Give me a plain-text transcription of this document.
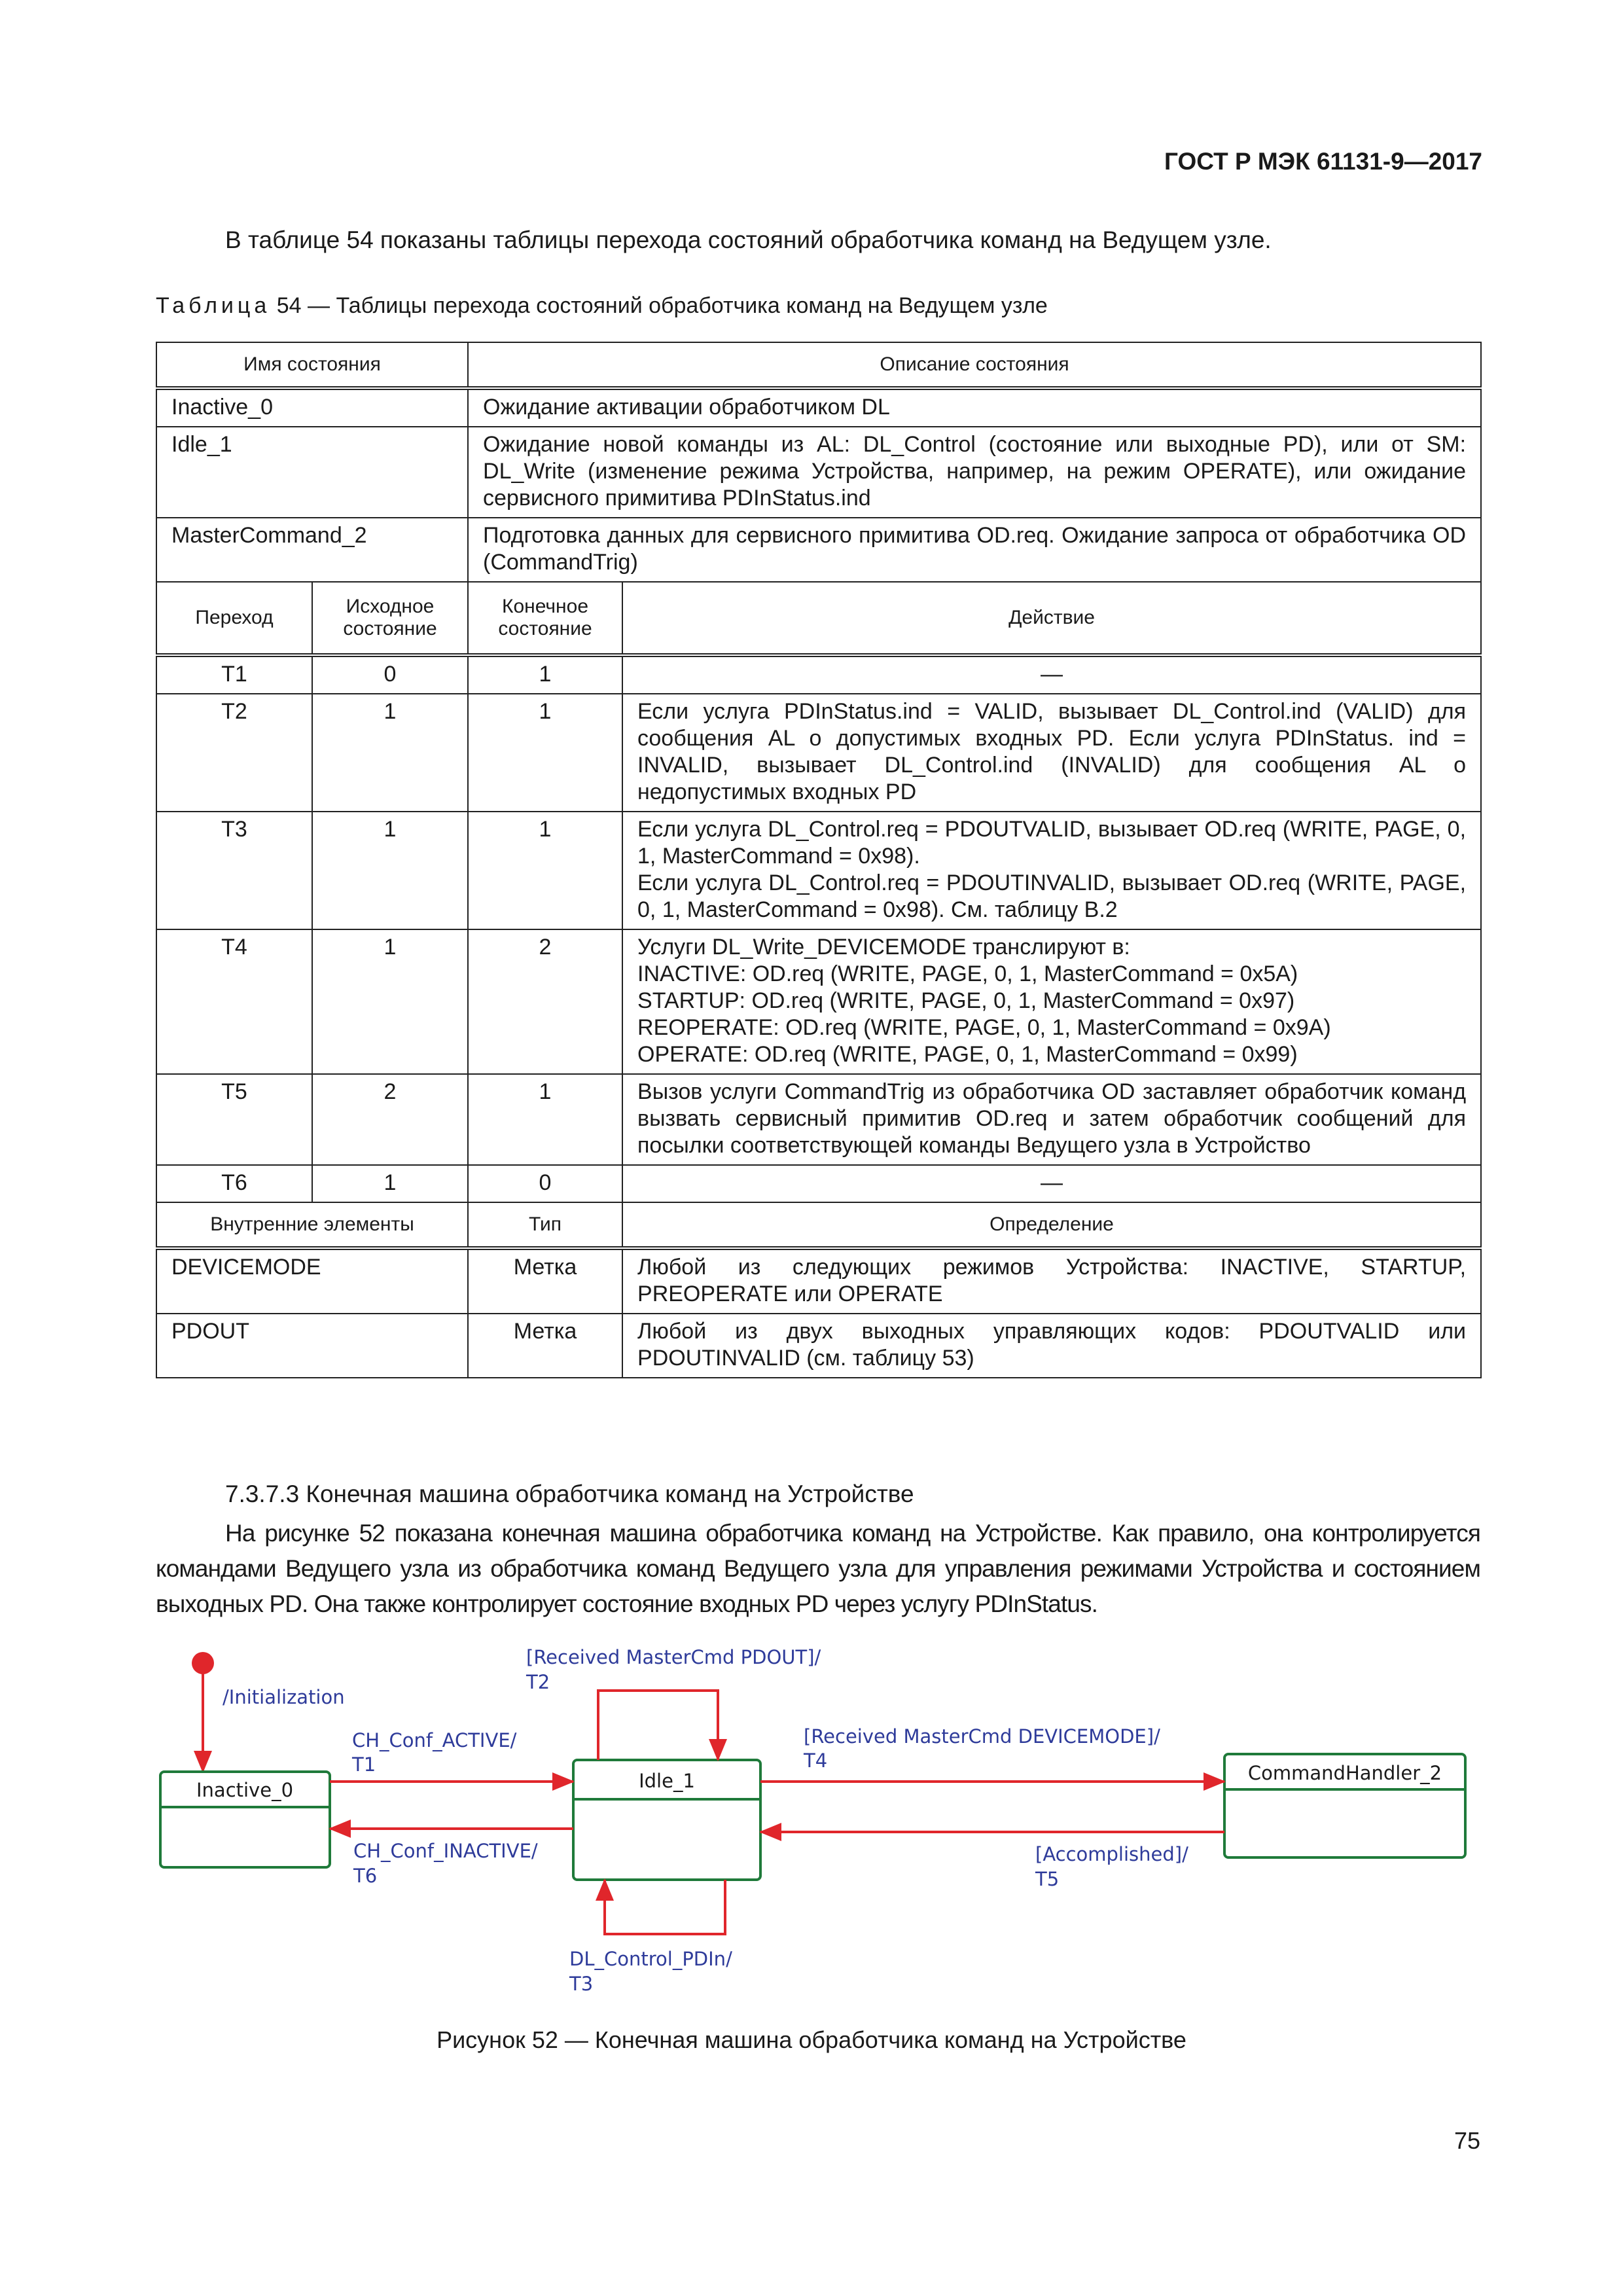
ГОСТ Р МЭК 61131-9—2017
В таблице 54 показаны таблицы перехода состояний обработчика команд на Ведущем узле.
Таблица 54 — Таблицы перехода состояний обработчика команд на Ведущем узле
Имя состояния		Описание состояния	
Inactive_0		Ожидание активации обработчиком DL	
Idle_1		Ожидание новой команды из AL: DL_Control (состояние или выходные PD), или от SM: DL_Write (изменение режима Устройства, например, на режим OPERATE), или ожидание сервисного примитива PDInStatus.ind	
MasterCommand_2		Подготовка данных для сервисного примитива OD.req. Ожидание запроса от обработчика OD (CommandTrig)	
Переход	Исходное состояние	Конечное состояние	Действие
T1	0	1	—
T2	1	1	Если услуга PDInStatus.ind = VALID, вызывает DL_Control.ind (VALID) для сообщения AL о допустимых входных PD. Если услуга PDInStatus. ind = INVALID, вызывает DL_Control.ind (INVALID) для сообщения AL о недопустимых входных PD
T3	1	1	Если услуга DL_Control.req = PDOUTVALID, вызывает OD.req (WRITE, PAGE, 0, 1, MasterCommand = 0x98).
Если услуга DL_Control.req = PDOUTINVALID, вызывает OD.req (WRITE, PAGE, 0, 1, MasterCommand = 0x98). См. таблицу В.2

T4	1	2	Услуги DL_Write_DEVICEMODE транслируют в:
INACTIVE: OD.req (WRITE, PAGE, 0, 1, MasterCommand = 0x5A)
STARTUP: OD.req (WRITE, PAGE, 0, 1, MasterCommand = 0x97)
REOPERATE: OD.req (WRITE, PAGE, 0, 1, MasterCommand = 0x9A)
OPERATE: OD.req (WRITE, PAGE, 0, 1, MasterCommand = 0x99)

T5	2	1	Вызов услуги CommandTrig из обработчика OD заставляет обработчик команд вызвать сервисный примитив OD.req и затем обработчик сообщений для посылки соответствующей команды Ведущего узла в Устройство
T6	1	0	—
Внутренние элементы		Тип	Определение
DEVICEMODE		Метка	Любой из следующих режимов Устройства: INACTIVE, STARTUP, PREOPERATE или OPERATE
PDOUT		Метка	Любой из двух выходных управляющих кодов: PDOUTVALID или PDOUTINVALID (см. таблицу 53)
7.3.7.3 Конечная машина обработчика команд на Устройстве
На рисунке 52 показана конечная машина обработчика команд на Устройстве. Как правило, она контролируется командами Ведущего узла из обработчика команд Ведущего узла для управления режимами Устройства и состоянием выходных PD. Она также контролирует состояние входных PD через услугу PDInStatus.
/Initialization
Inactive_0	Idle_1	CommandHandler_2
CH_Conf_ACTIVE/
T1
CH_Conf_INACTIVE/
T6
[Received MasterCmd PDOUT]/
T2
[Received MasterCmd DEVICEMODE]/
T4
[Accomplished]/
T5
DL_Control_PDIn/
T3
Рисунок 52 — Конечная машина обработчика команд на Устройстве
75
